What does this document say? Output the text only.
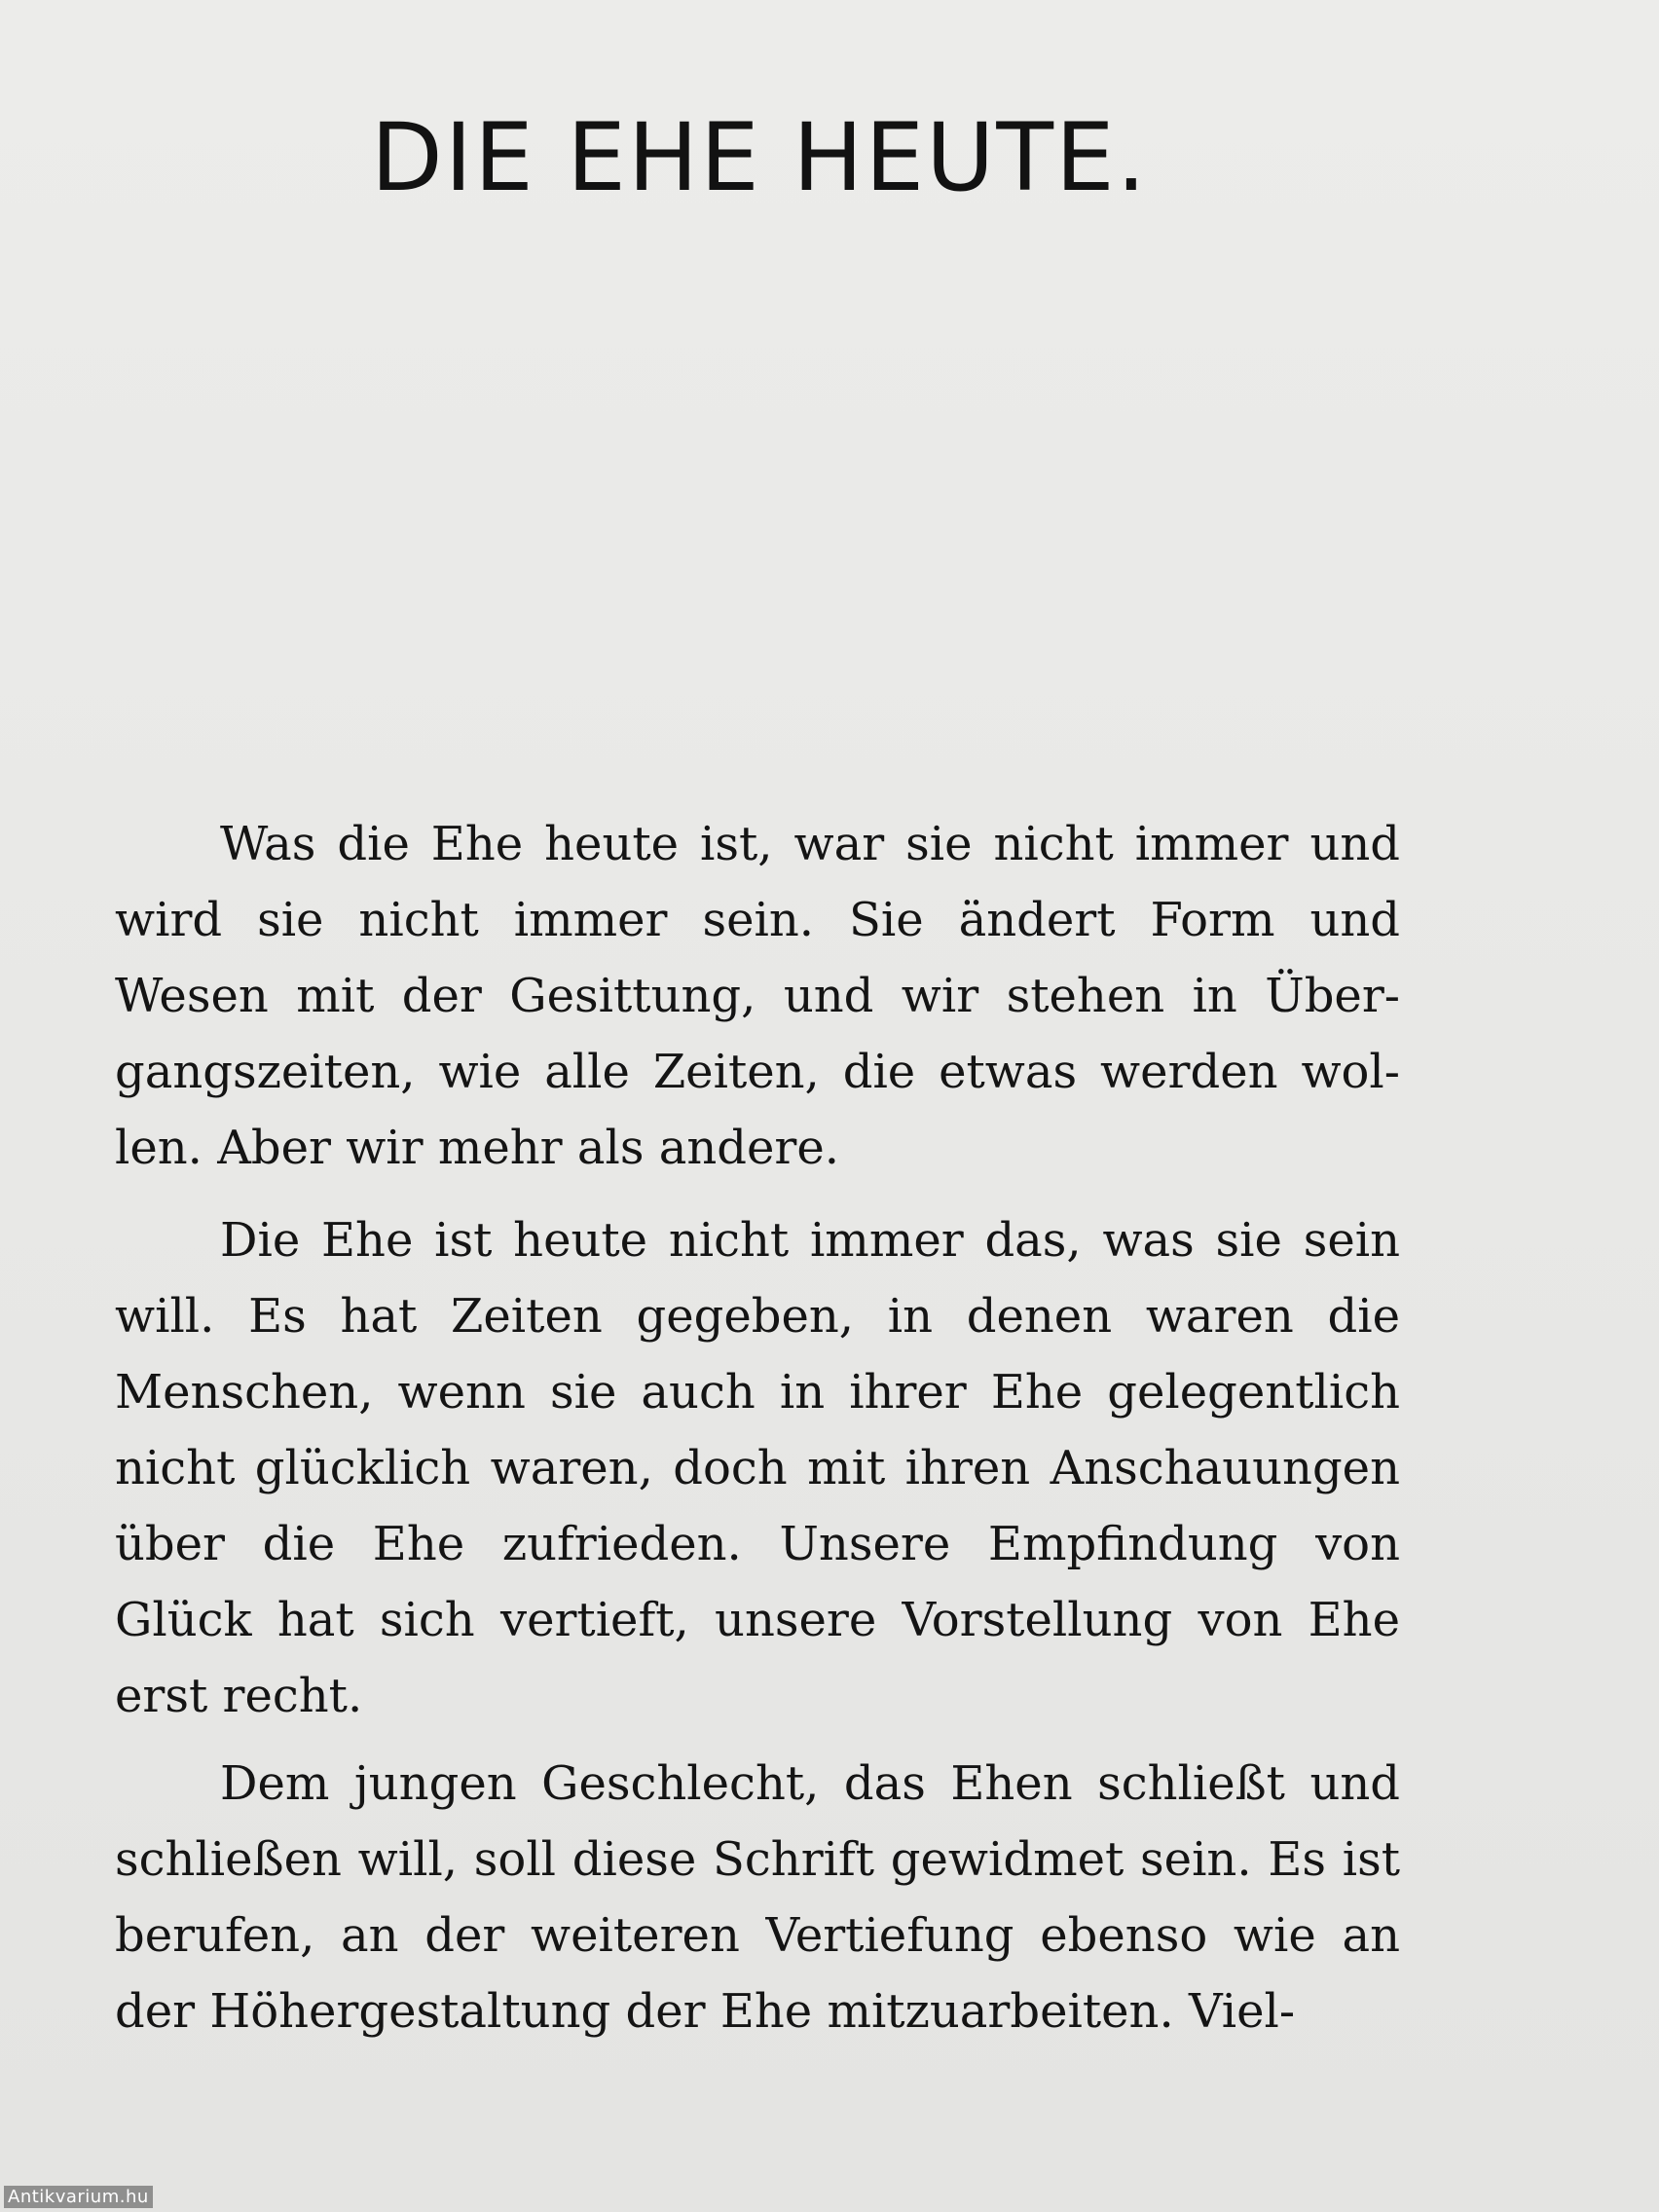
DIE EHE HEUTE.

Was die Ehe heute ist, war sie nicht immer und wird sie nicht immer sein. Sie ändert Form und Wesen mit der Gesittung, und wir stehen in Über-gangszeiten, wie alle Zeiten, die etwas werden wol-len. Aber wir mehr als andere.

Die Ehe ist heute nicht immer das, was sie sein will. Es hat Zeiten gegeben, in denen waren die Menschen, wenn sie auch in ihrer Ehe gelegentlich nicht glücklich waren, doch mit ihren Anschauungen über die Ehe zufrieden. Unsere Empfindung von Glück hat sich vertieft, unsere Vorstellung von Ehe erst recht.

Dem jungen Geschlecht, das Ehen schließt und schließen will, soll diese Schrift gewidmet sein. Es ist berufen, an der weiteren Vertiefung ebenso wie an der Höhergestaltung der Ehe mitzuarbeiten. Viel-

Antikvarium.hu
